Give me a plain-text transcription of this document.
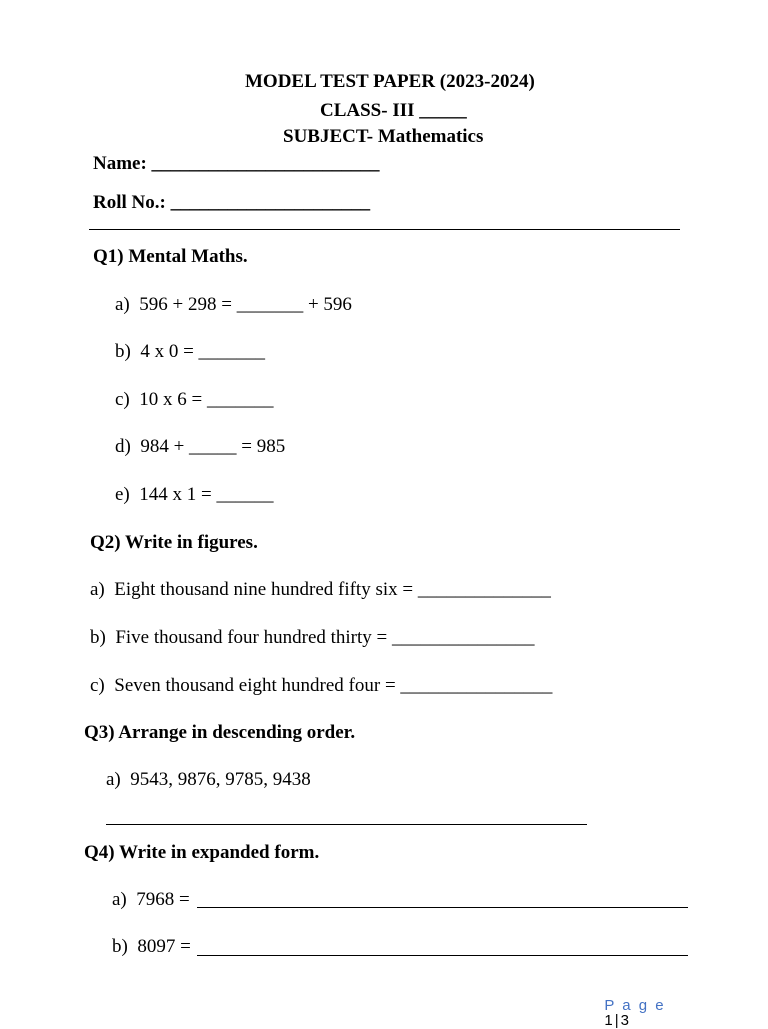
MODEL TEST PAPER (2023-2024)
CLASS- III _____
SUBJECT- Mathematics
Name: ________________________
Roll No.: _____________________
Q1) Mental Maths.
a)  596 + 298 = _______ + 596
b)  4 x 0 = _______
c)  10 x 6 = _______
d)  984 + _____ = 985
e)  144 x 1 = ______
Q2) Write in figures.
a)  Eight thousand nine hundred fifty six = ______________
b)  Five thousand four hundred thirty = _______________
c)  Seven thousand eight hundred four = ________________
Q3) Arrange in descending order.
a)  9543, 9876, 9785, 9438
Q4) Write in expanded form.
a)  7968 =
b)  8097 =

P a g e
1|3
